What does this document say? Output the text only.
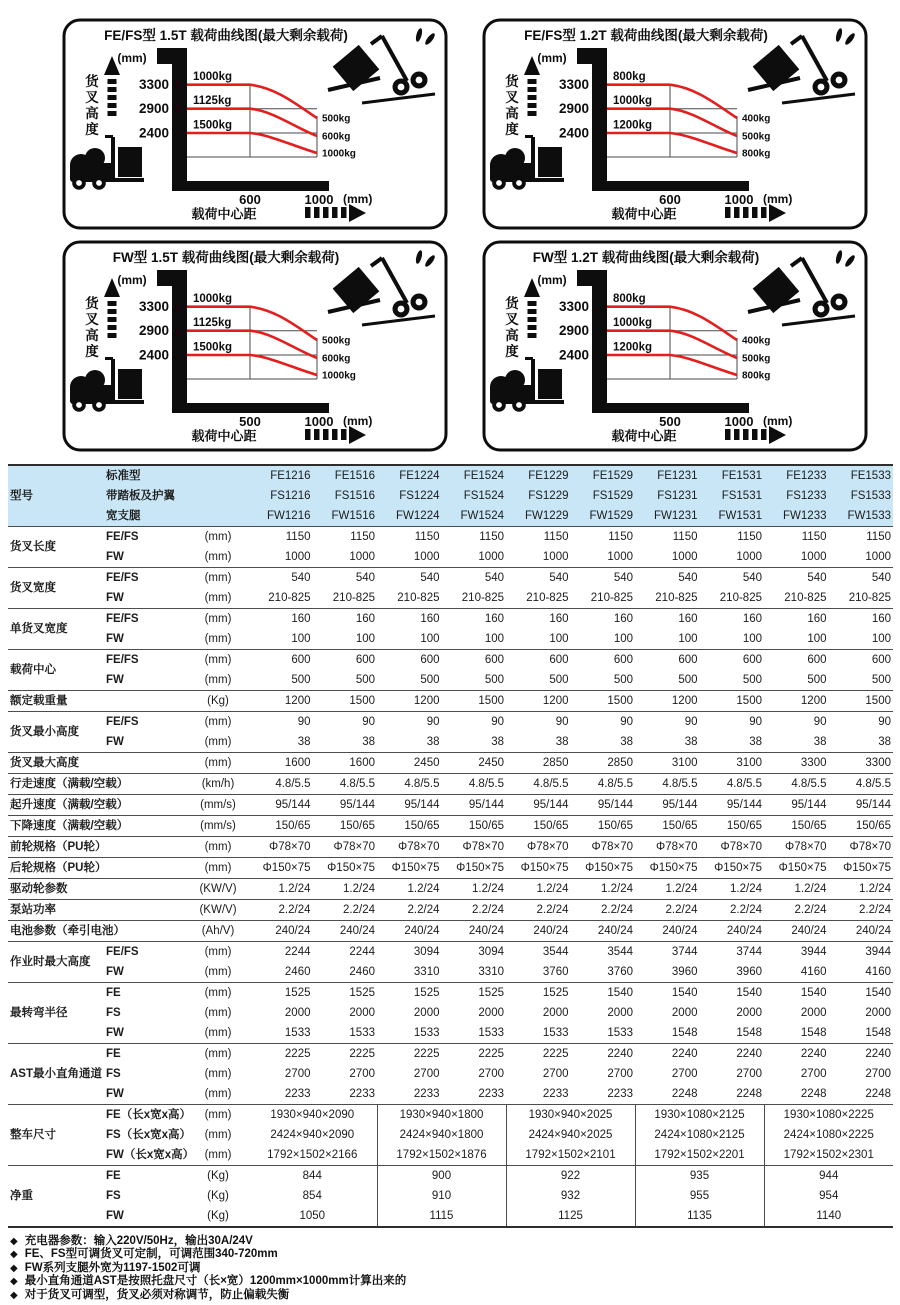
FE/FS型 1.5T 载荷曲线图(最大剩余载荷)
(mm)
货
叉
高
度
3300
2900
2400
1000kg
500kg
1125kg
600kg
1500kg
1000kg
600	1000 (mm)
载荷中心距
FE/FS型 1.2T 载荷曲线图(最大剩余载荷)
(mm)
货
叉
高
度
3300
2900
2400
800kg
400kg
1000kg
500kg
1200kg
800kg
600	1000 (mm)
载荷中心距
FW型 1.5T 载荷曲线图(最大剩余载荷)
(mm)
货
叉
高
度
3300
2900
2400
1000kg
500kg
1125kg
600kg
1500kg
1000kg
500	1000 (mm)
载荷中心距
FW型 1.2T 载荷曲线图(最大剩余载荷)
(mm)
货
叉
高
度
3300
2900
2400
800kg
400kg
1000kg
500kg
1200kg
800kg
500	1000 (mm)
载荷中心距
型号	标准型		FE1216	FE1516	FE1224	FE1524	FE1229	FE1529	FE1231	FE1531	FE1233	FE1533
	带踏板及护翼		FS1216	FS1516	FS1224	FS1524	FS1229	FS1529	FS1231	FS1531	FS1233	FS1533
	宽支腿		FW1216	FW1516	FW1224	FW1524	FW1229	FW1529	FW1231	FW1531	FW1233	FW1533
货叉长度	FE/FS	(mm)	1150	1150	1150	1150	1150	1150	1150	1150	1150	1150
	FW	(mm)	1000	1000	1000	1000	1000	1000	1000	1000	1000	1000
货叉宽度	FE/FS	(mm)	540	540	540	540	540	540	540	540	540	540
	FW	(mm)	210-825	210-825	210-825	210-825	210-825	210-825	210-825	210-825	210-825	210-825
单货叉宽度	FE/FS	(mm)	160	160	160	160	160	160	160	160	160	160
	FW	(mm)	100	100	100	100	100	100	100	100	100	100
载荷中心	FE/FS	(mm)	600	600	600	600	600	600	600	600	600	600
	FW	(mm)	500	500	500	500	500	500	500	500	500	500
额定载重量		(Kg)	1200	1500	1200	1500	1200	1500	1200	1500	1200	1500
货叉最小高度	FE/FS	(mm)	90	90	90	90	90	90	90	90	90	90
	FW	(mm)	38	38	38	38	38	38	38	38	38	38
货叉最大高度		(mm)	1600	1600	2450	2450	2850	2850	3100	3100	3300	3300
行走速度（满载/空载）		(km/h)	4.8/5.5	4.8/5.5	4.8/5.5	4.8/5.5	4.8/5.5	4.8/5.5	4.8/5.5	4.8/5.5	4.8/5.5	4.8/5.5
起升速度（满载/空载）		(mm/s)	95/144	95/144	95/144	95/144	95/144	95/144	95/144	95/144	95/144	95/144
下降速度（满载/空载）		(mm/s)	150/65	150/65	150/65	150/65	150/65	150/65	150/65	150/65	150/65	150/65
前轮规格（PU轮）		(mm)	Φ78×70	Φ78×70	Φ78×70	Φ78×70	Φ78×70	Φ78×70	Φ78×70	Φ78×70	Φ78×70	Φ78×70
后轮规格（PU轮）		(mm)	Φ150×75	Φ150×75	Φ150×75	Φ150×75	Φ150×75	Φ150×75	Φ150×75	Φ150×75	Φ150×75	Φ150×75
驱动轮参数		(KW/V)	1.2/24	1.2/24	1.2/24	1.2/24	1.2/24	1.2/24	1.2/24	1.2/24	1.2/24	1.2/24
泵站功率		(KW/V)	2.2/24	2.2/24	2.2/24	2.2/24	2.2/24	2.2/24	2.2/24	2.2/24	2.2/24	2.2/24
电池参数（牵引电池）		(Ah/V)	240/24	240/24	240/24	240/24	240/24	240/24	240/24	240/24	240/24	240/24
作业时最大高度	FE/FS	(mm)	2244	2244	3094	3094	3544	3544	3744	3744	3944	3944
	FW	(mm)	2460	2460	3310	3310	3760	3760	3960	3960	4160	4160
最转弯半径	FE	(mm)	1525	1525	1525	1525	1525	1540	1540	1540	1540	1540
	FS	(mm)	2000	2000	2000	2000	2000	2000	2000	2000	2000	2000
	FW	(mm)	1533	1533	1533	1533	1533	1533	1548	1548	1548	1548
AST最小直角通道	FE	(mm)	2225	2225	2225	2225	2225	2240	2240	2240	2240	2240
	FS	(mm)	2700	2700	2700	2700	2700	2700	2700	2700	2700	2700
	FW	(mm)	2233	2233	2233	2233	2233	2233	2248	2248	2248	2248
整车尺寸	FE（长x宽x高）	(mm)	1930×940×2090		1930×940×1800		1930×940×2025		1930×1080×2125		1930×1080×2225	
	FS（长x宽x高）	(mm)	2424×940×2090		2424×940×1800		2424×940×2025		2424×1080×2125		2424×1080×2225	
	FW（长x宽x高）	(mm)	1792×1502×2166		1792×1502×1876		1792×1502×2101		1792×1502×2201		1792×1502×2301	
净重	FE	(Kg)	844		900		922		935		944	
	FS	(Kg)	854		910		932		955		954	
	FW	(Kg)	1050		1115		1125		1135		1140	
◆ 充电器参数：输入220V/50Hz，输出30A/24V
◆ FE、FS型可调货叉可定制，可调范围340-720mm
◆ FW系列支腿外宽为1197-1502可调
◆ 最小直角通道AST是按照托盘尺寸（长×宽）1200mm×1000mm计算出来的
◆ 对于货叉可调型，货叉必须对称调节，防止偏载失衡
